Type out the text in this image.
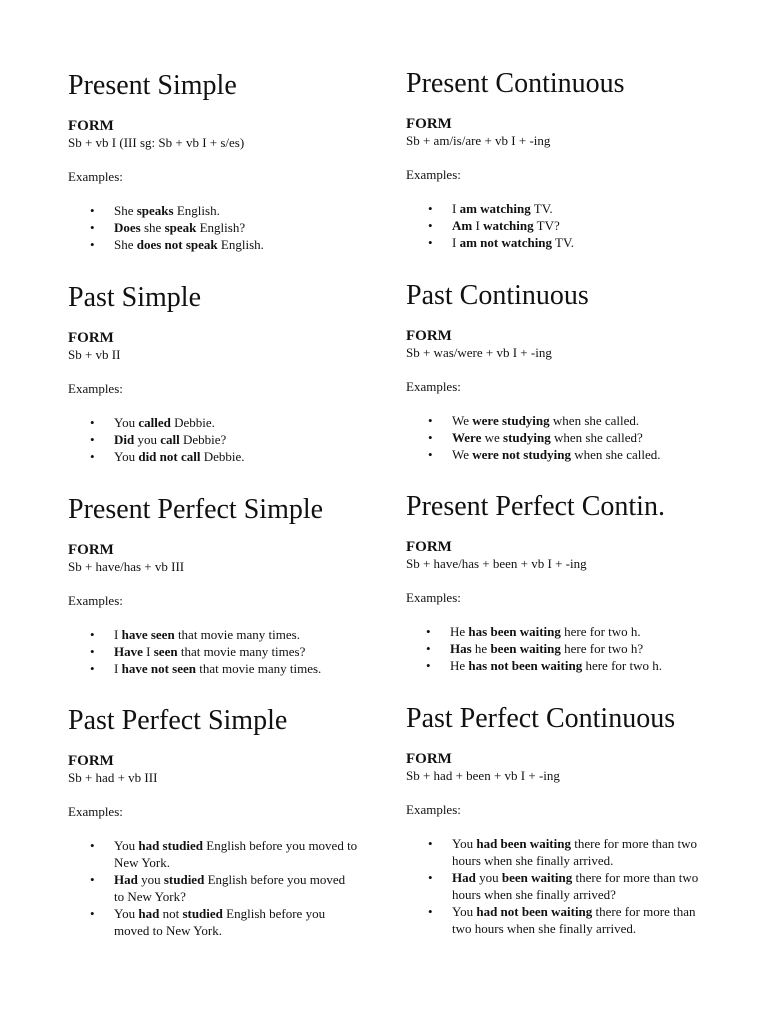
Present Simple
FORM
Sb + vb I (III sg: Sb + vb I + s/es)
Examples:
• She speaks English.
• Does she speak English?
• She does not speak English.
Past Simple
FORM
Sb + vb II
Examples:
• You called Debbie.
• Did you call Debbie?
• You did not call Debbie.
Present Perfect Simple
FORM
Sb + have/has + vb III
Examples:
• I have seen that movie many times.
• Have I seen that movie many times?
• I have not seen that movie many times.
Past Perfect Simple
FORM
Sb + had + vb III
Examples:
• You had studied English before you moved to New York.
• Had you studied English before you moved to New York?
• You had not studied English before you moved to New York.
Present Continuous
FORM
Sb + am/is/are + vb I + -ing
Examples:
• I am watching TV.
• Am I watching TV?
• I am not watching TV.
Past Continuous
FORM
Sb + was/were + vb I + -ing
Examples:
• We were studying when she called.
• Were we studying when she called?
• We were not studying when she called.
Present Perfect Contin.
FORM
Sb + have/has + been + vb I + -ing
Examples:
• He has been waiting here for two h.
• Has he been waiting here for two h?
• He has not been waiting here for two h.
Past Perfect Continuous
FORM
Sb + had + been + vb I + -ing
Examples:
• You had been waiting there for more than two hours when she finally arrived.
• Had you been waiting there for more than two hours when she finally arrived?
• You had not been waiting there for more than two hours when she finally arrived.
